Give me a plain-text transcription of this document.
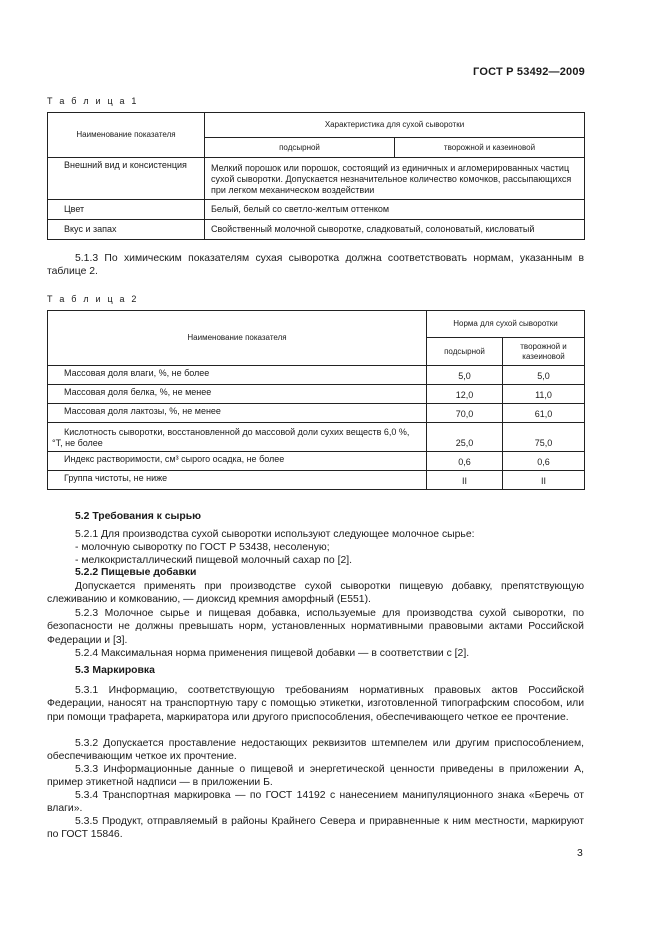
ГОСТ Р 53492—2009
Т а б л и ц а 1
Наименование показателя	Характеристика для сухой сыворотки	
	подсырной	творожной и казеиновой
Внешний вид и консистенция	Мелкий порошок или порошок, состоящий из единичных и агломерированных частиц сухой сыворотки. Допускается незначительное количество комочков, рассыпающихся при легком механическом воздействии	
Цвет	Белый, белый со светло-желтым оттенком	
Вкус и запах	Свойственный молочной сыворотке, сладковатый, солоноватый, кисловатый	
5.1.3 По химическим показателям сухая сыворотка должна соответствовать нормам, указанным в таблице 2.
Т а б л и ц а 2
Наименование показателя	Норма для сухой сыворотки	
	подсырной	творожной и казеиновой
Массовая доля влаги, %, не более	5,0	5,0
Массовая доля белка, %, не менее	12,0	11,0
Массовая доля лактозы, %, не менее	70,0	61,0
Кислотность сыворотки, восстановленной до массовой доли сухих веществ 6,0 %, °Т, не более	25,0	75,0
Индекс растворимости, см³ сырого осадка, не более	0,6	0,6
Группа чистоты, не ниже	II	II
5.2 Требования к сырью
5.2.1 Для производства сухой сыворотки используют следующее молочное сырье:
- молочную сыворотку по ГОСТ Р 53438, несоленую;
- мелкокристаллический пищевой молочный сахар по [2].
5.2.2 Пищевые добавки
Допускается применять при производстве сухой сыворотки пищевую добавку, препятствующую слеживанию и комкованию, — диоксид кремния аморфный (Е551).
5.2.3 Молочное сырье и пищевая добавка, используемые для производства сухой сыворотки, по безопасности не должны превышать норм, установленных нормативными правовыми актами Российской Федерации и [3].
5.2.4 Максимальная норма применения пищевой добавки — в соответствии с [2].
5.3 Маркировка
5.3.1 Информацию, соответствующую требованиям нормативных правовых актов Российской Федерации, наносят на транспортную тару с помощью этикетки, изготовленной типографским способом, или при помощи трафарета, маркиратора или другого приспособления, обеспечивающего четкое ее прочтение.
5.3.2 Допускается проставление недостающих реквизитов штемпелем или другим приспособлением, обеспечивающим четкое их прочтение.
5.3.3 Информационные данные о пищевой и энергетической ценности приведены в приложении А, пример этикетной надписи — в приложении Б.
5.3.4 Транспортная маркировка — по ГОСТ 14192 с нанесением манипуляционного знака «Беречь от влаги».
5.3.5 Продукт, отправляемый в районы Крайнего Севера и приравненные к ним местности, маркируют по ГОСТ 15846.
3
